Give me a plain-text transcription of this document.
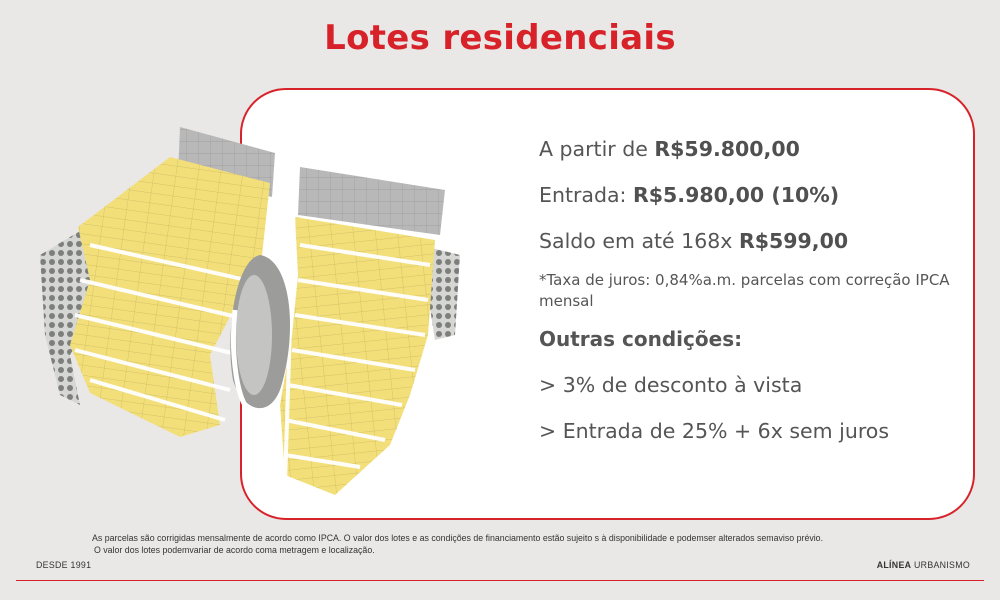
Lotes residenciais
A partir de R$59.800,00
Entrada: R$5.980,00 (10%)
Saldo em até 168x R$599,00
*Taxa de juros: 0,84%a.m. parcelas com correção IPCA mensal
Outras condições:
> 3% de desconto à vista
> Entrada de 25% + 6x sem juros
As parcelas são corrigidas mensalmente de acordo como IPCA. O valor dos lotes e as condições de financiamento estão sujeito s à disponibilidade e podemser alterados semaviso prévio.
O valor dos lotes podemvariar de acordo coma metragem e localização.
DESDE 1991	ALÍNEA URBANISMO
